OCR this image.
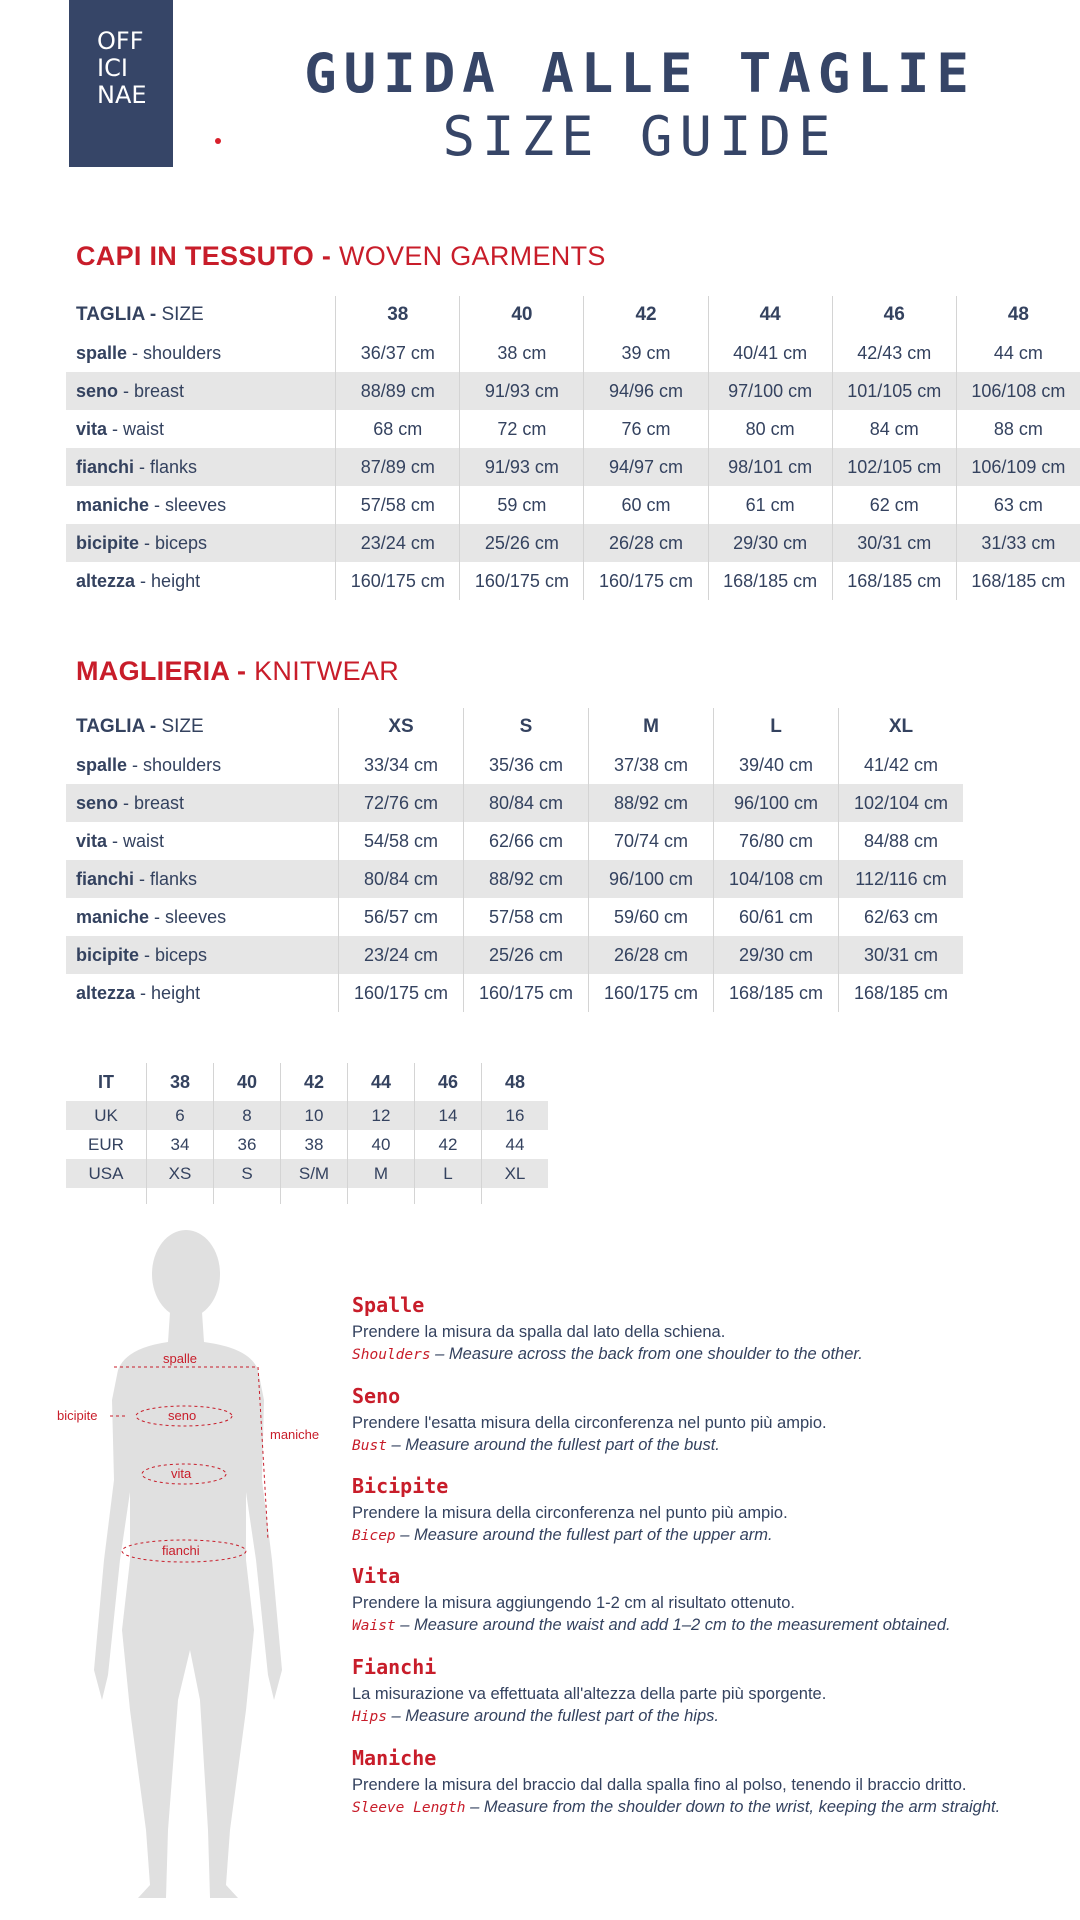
OFF
ICI
NAE	GUIDA ALLE TAGLIE
SIZE GUIDE
CAPI IN TESSUTO - WOVEN GARMENTS
TAGLIA - SIZE	38	40	42	44	46	48
spalle - shoulders	36/37 cm	38 cm	39 cm	40/41 cm	42/43 cm	44 cm
seno - breast	88/89 cm	91/93 cm	94/96 cm	97/100 cm	101/105 cm	106/108 cm
vita - waist	68 cm	72 cm	76 cm	80 cm	84 cm	88 cm
fianchi - flanks	87/89 cm	91/93 cm	94/97 cm	98/101 cm	102/105 cm	106/109 cm
maniche - sleeves	57/58 cm	59 cm	60 cm	61 cm	62 cm	63 cm
bicipite - biceps	23/24 cm	25/26 cm	26/28 cm	29/30 cm	30/31 cm	31/33 cm
altezza - height	160/175 cm	160/175 cm	160/175 cm	168/185 cm	168/185 cm	168/185 cm
MAGLIERIA - KNITWEAR
TAGLIA - SIZE	XS	S	M	L	XL
spalle - shoulders	33/34 cm	35/36 cm	37/38 cm	39/40 cm	41/42 cm
seno - breast	72/76 cm	80/84 cm	88/92 cm	96/100 cm	102/104 cm
vita - waist	54/58 cm	62/66 cm	70/74 cm	76/80 cm	84/88 cm
fianchi - flanks	80/84 cm	88/92 cm	96/100 cm	104/108 cm	112/116 cm
maniche - sleeves	56/57 cm	57/58 cm	59/60 cm	60/61 cm	62/63 cm
bicipite - biceps	23/24 cm	25/26 cm	26/28 cm	29/30 cm	30/31 cm
altezza - height	160/175 cm	160/175 cm	160/175 cm	168/185 cm	168/185 cm
IT	38	40	42	44	46	48
UK	6	8	10	12	14	16
EUR	34	36	38	40	42	44
USA	XS	S	S/M	M	L	XL

spalle
seno
bicipite
vita
fianchi
maniche
Spalle
Prendere la misura da spalla dal lato della schiena.
Shoulders – Measure across the back from one shoulder to the other.
Seno
Prendere l'esatta misura della circonferenza nel punto più ampio.
Bust – Measure around the fullest part of the bust.
Bicipite
Prendere la misura della circonferenza nel punto più ampio.
Bicep – Measure around the fullest part of the upper arm.
Vita
Prendere la misura aggiungendo 1-2 cm al risultato ottenuto.
Waist – Measure around the waist and add 1–2 cm to the measurement obtained.
Fianchi
La misurazione va effettuata all'altezza della parte più sporgente.
Hips – Measure around the fullest part of the hips.
Maniche
Prendere la misura del braccio dal dalla spalla fino al polso, tenendo il braccio dritto.
Sleeve Length – Measure from the shoulder down to the wrist, keeping the arm straight.
